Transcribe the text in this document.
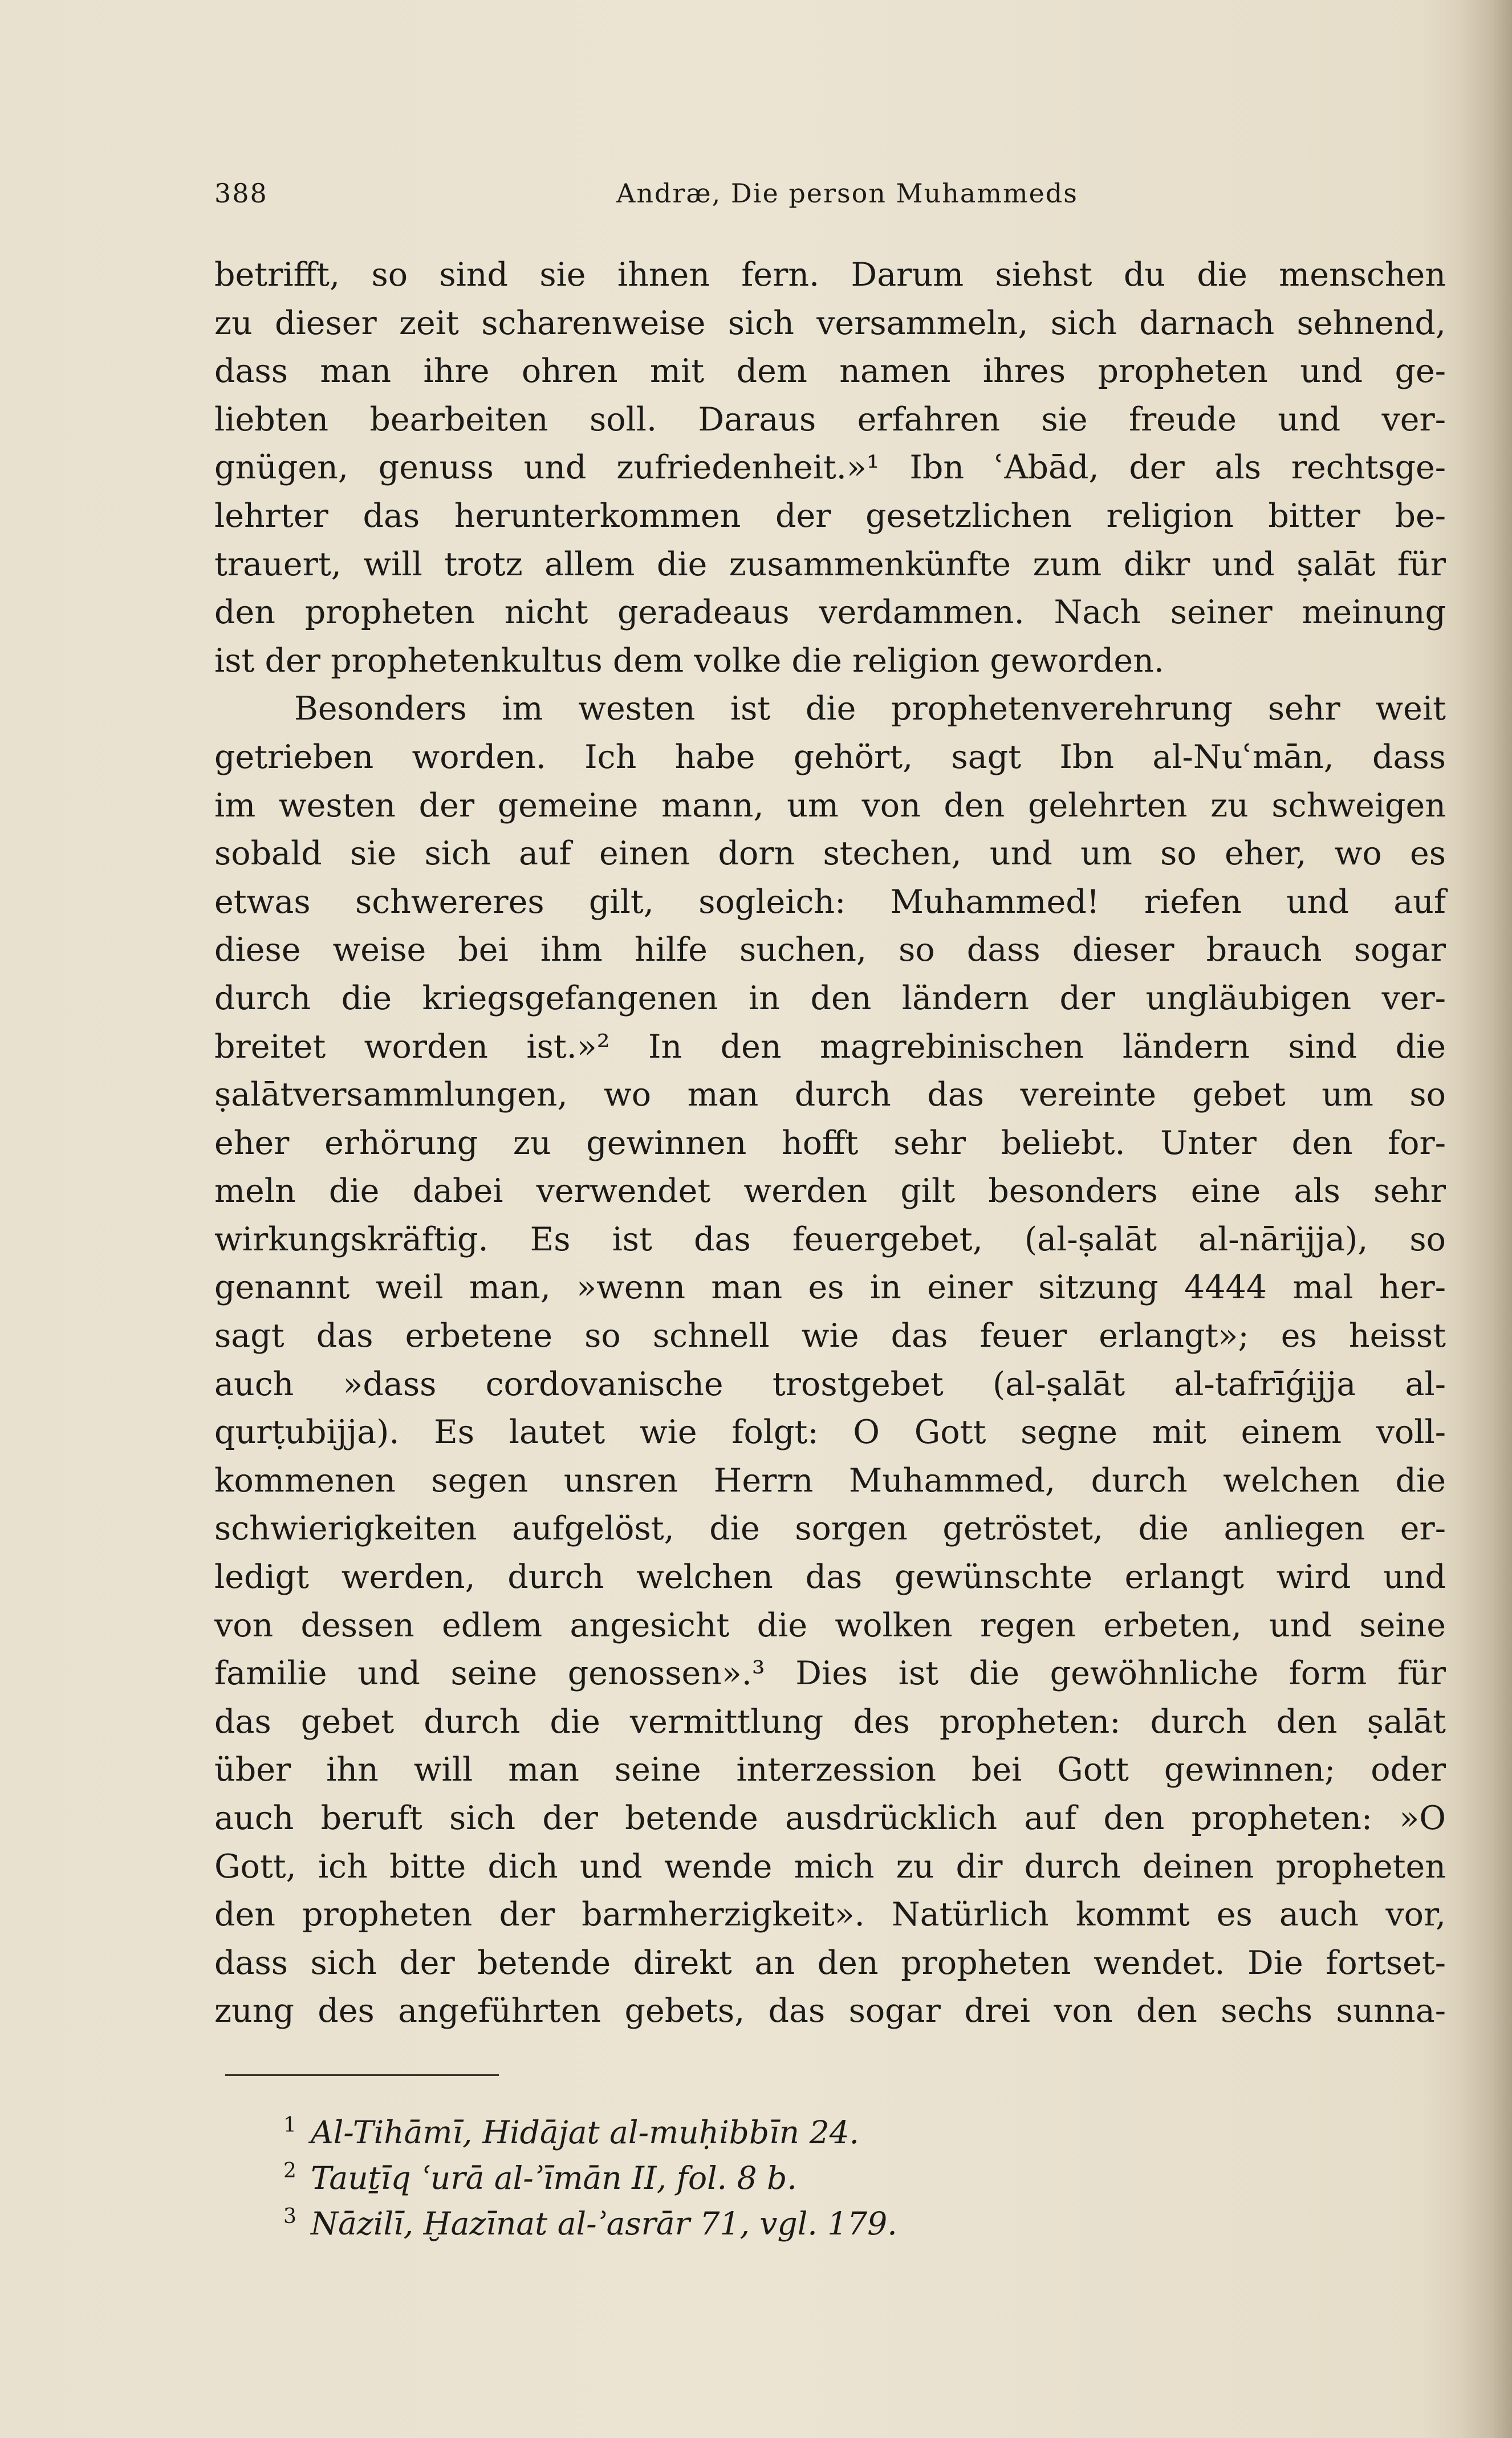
388	Andræ, Die person Muhammeds
betrifft, so sind sie ihnen fern. Darum siehst du die menschen
zu dieser zeit scharenweise sich versammeln, sich darnach sehnend,
dass man ihre ohren mit dem namen ihres propheten und ge-
liebten bearbeiten soll. Daraus erfahren sie freude und ver-
gnügen, genuss und zufriedenheit.»¹ Ibn ʿAbād, der als rechtsge-
lehrter das herunterkommen der gesetzlichen religion bitter be-
trauert, will trotz allem die zusammenkünfte zum dikr und ṣalāt für
den propheten nicht geradeaus verdammen. Nach seiner meinung
ist der prophetenkultus dem volke die religion geworden.
Besonders im westen ist die prophetenverehrung sehr weit
getrieben worden. Ich habe gehört, sagt Ibn al-Nuʿmān, dass
im westen der gemeine mann, um von den gelehrten zu schweigen
sobald sie sich auf einen dorn stechen, und um so eher, wo es
etwas schwereres gilt, sogleich: Muhammed! riefen und auf
diese weise bei ihm hilfe suchen, so dass dieser brauch sogar
durch die kriegsgefangenen in den ländern der ungläubigen ver-
breitet worden ist.»² In den magrebinischen ländern sind die
ṣalātversammlungen, wo man durch das vereinte gebet um so
eher erhörung zu gewinnen hofft sehr beliebt. Unter den for-
meln die dabei verwendet werden gilt besonders eine als sehr
wirkungskräftig. Es ist das feuergebet, (al-ṣalāt al-nārijja), so
genannt weil man, »wenn man es in einer sitzung 4444 mal her-
sagt das erbetene so schnell wie das feuer erlangt»; es heisst
auch »dass cordovanische trostgebet (al-ṣalāt al-tafrīǵijja al-
qurṭubijja). Es lautet wie folgt: O Gott segne mit einem voll-
kommenen segen unsren Herrn Muhammed, durch welchen die
schwierigkeiten aufgelöst, die sorgen getröstet, die anliegen er-
ledigt werden, durch welchen das gewünschte erlangt wird und
von dessen edlem angesicht die wolken regen erbeten, und seine
familie und seine genossen».³ Dies ist die gewöhnliche form für
das gebet durch die vermittlung des propheten: durch den ṣalāt
über ihn will man seine interzession bei Gott gewinnen; oder
auch beruft sich der betende ausdrücklich auf den propheten: »O
Gott, ich bitte dich und wende mich zu dir durch deinen propheten
den propheten der barmherzigkeit». Natürlich kommt es auch vor,
dass sich der betende direkt an den propheten wendet. Die fortset-
zung des angeführten gebets, das sogar drei von den sechs sunna-
1 Al-Tihāmī, Hidājat al-muḥibbīn 24.
2 Tauṯīq ʿurā al-ʾīmān II, fol. 8 b.
3 Nāzilī, Ḫazīnat al-ʾasrār 71, vgl. 179.
